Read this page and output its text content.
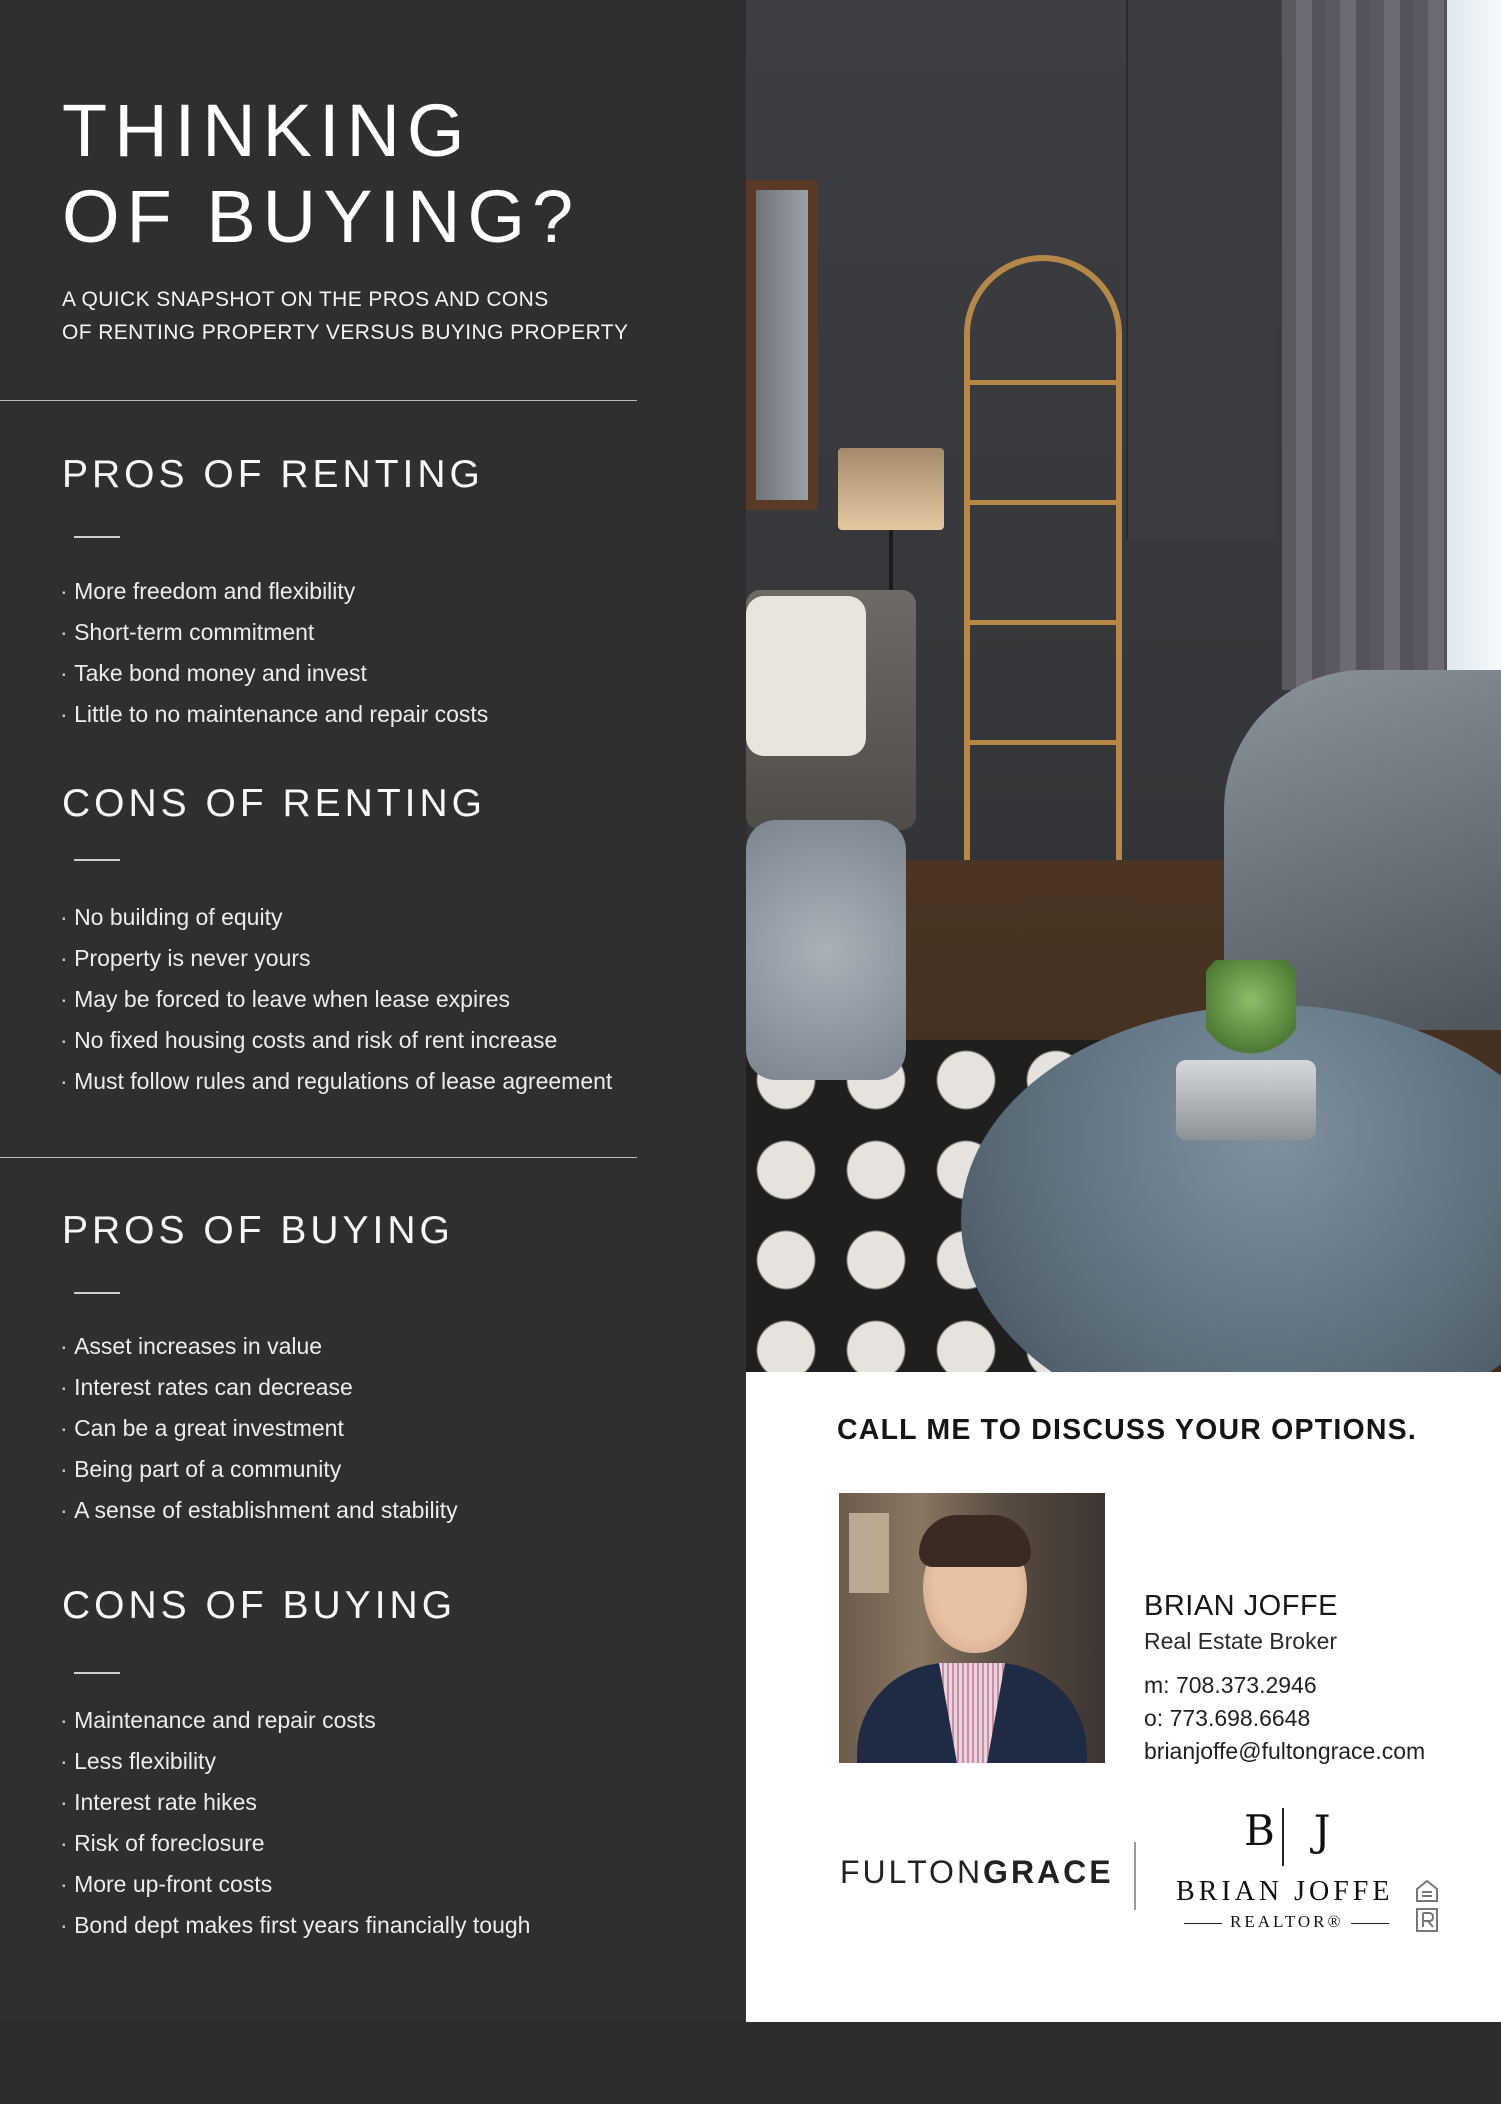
THINKING
OF BUYING?

A QUICK SNAPSHOT ON THE PROS AND CONS
OF RENTING PROPERTY VERSUS BUYING PROPERTY

PROS OF RENTING
· More freedom and flexibility
· Short-term commitment
· Take bond money and invest
· Little to no maintenance and repair costs
CONS OF RENTING
· No building of equity
· Property is never yours
· May be forced to leave when lease expires
· No fixed housing costs and risk of rent increase
· Must follow rules and regulations of lease agreement
PROS OF BUYING
· Asset increases in value
· Interest rates can decrease
· Can be a great investment
· Being part of a community
· A sense of establishment and stability
CONS OF BUYING
· Maintenance and repair costs
· Less flexibility
· Interest rate hikes
· Risk of foreclosure
· More up-front costs
· Bond dept makes first years financially tough
CALL ME TO DISCUSS YOUR OPTIONS.
BRIAN JOFFE
Real Estate Broker
m: 708.373.2946
o: 773.698.6648
brianjoffe@fultongrace.com
FULTONGRACE
B J
BRIAN JOFFE
REALTOR®
